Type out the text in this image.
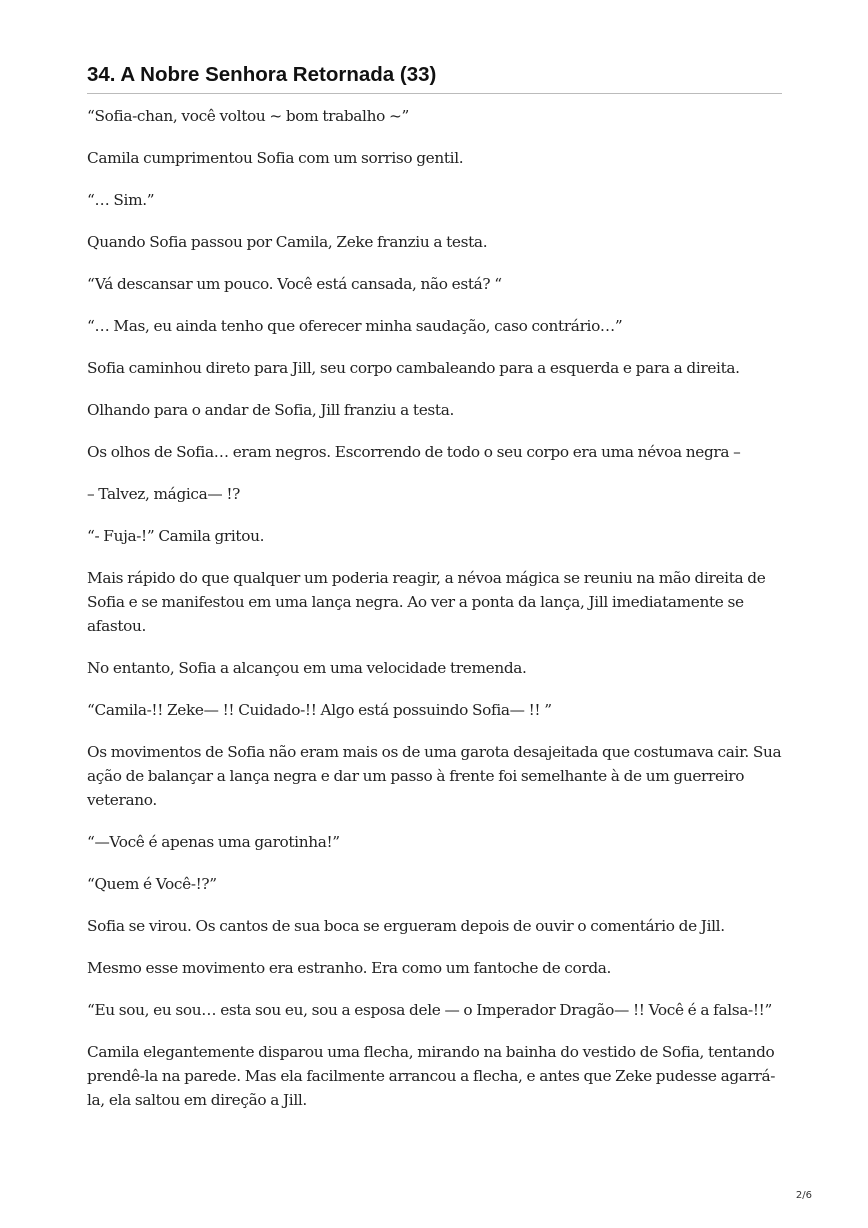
34. A Nobre Senhora Retornada (33)

“Sofia-chan, você voltou ~ bom trabalho ~”

Camila cumprimentou Sofia com um sorriso gentil.

“… Sim.”

Quando Sofia passou por Camila, Zeke franziu a testa.

“Vá descansar um pouco. Você está cansada, não está? “

“… Mas, eu ainda tenho que oferecer minha saudação, caso contrário…”

Sofia caminhou direto para Jill, seu corpo cambaleando para a esquerda e para a direita.

Olhando para o andar de Sofia, Jill franziu a testa.

Os olhos de Sofia… eram negros. Escorrendo de todo o seu corpo era uma névoa negra –

– Talvez, mágica— !?

“- Fuja-!” Camila gritou.

Mais rápido do que qualquer um poderia reagir, a névoa mágica se reuniu na mão direita de Sofia e se manifestou em uma lança negra. Ao ver a ponta da lança, Jill imediatamente se afastou.

No entanto, Sofia a alcançou em uma velocidade tremenda.

“Camila-!! Zeke— !! Cuidado-!! Algo está possuindo Sofia— !! ”

Os movimentos de Sofia não eram mais os de uma garota desajeitada que costumava cair. Sua ação de balançar a lança negra e dar um passo à frente foi semelhante à de um guerreiro veterano.

“—Você é apenas uma garotinha!”

“Quem é Você-!?”

Sofia se virou. Os cantos de sua boca se ergueram depois de ouvir o comentário de Jill.

Mesmo esse movimento era estranho. Era como um fantoche de corda.

“Eu sou, eu sou… esta sou eu, sou a esposa dele — o Imperador Dragão— !! Você é a falsa-!!”

Camila elegantemente disparou uma flecha, mirando na bainha do vestido de Sofia, tentando prendê-la na parede. Mas ela facilmente arrancou a flecha, e antes que Zeke pudesse agarrá-la, ela saltou em direção a Jill.

2/6
